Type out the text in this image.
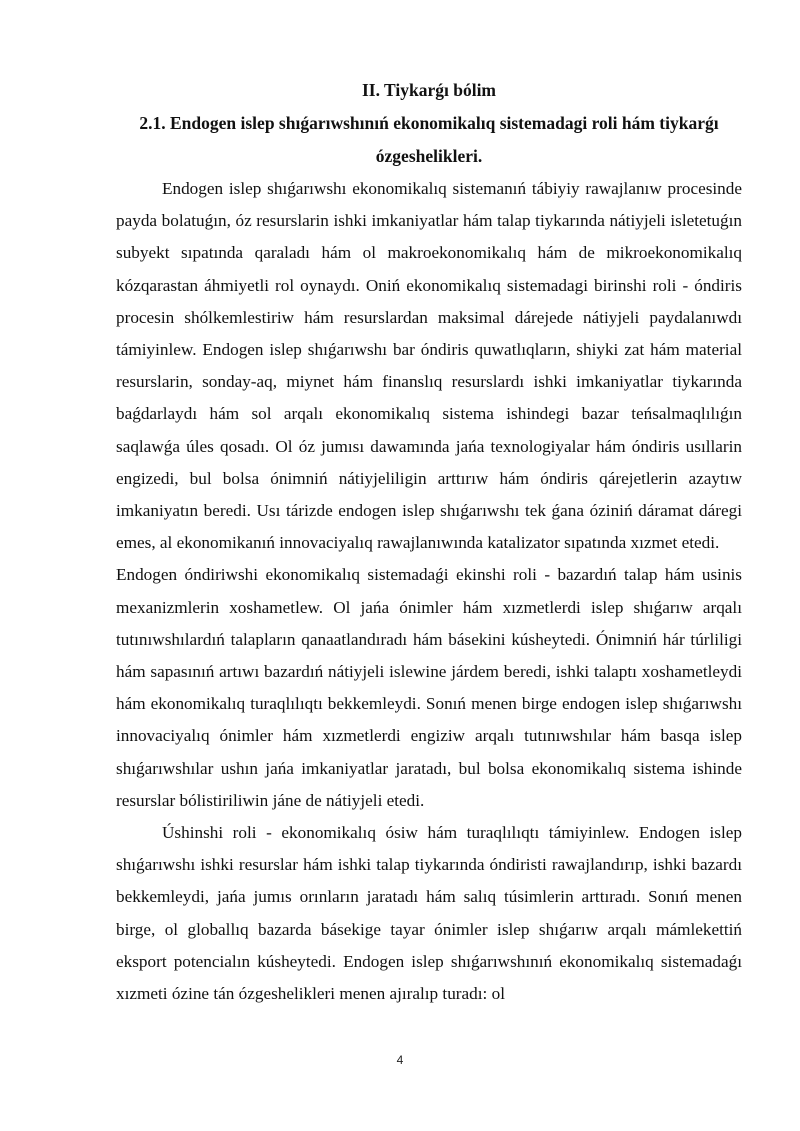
II. Tiykarǵı bólim

2.1. Endogen islep shıǵarıwshınıń ekonomikalıq sistemadagi roli hám tiykarǵı ózgeshelikleri.

Endogen islep shıǵarıwshı ekonomikalıq sistemanıń tábiyiy rawajlanıw procesinde payda bolatuǵın, óz resurslarin ishki imkaniyatlar hám talap tiykarında nátiyjeli isletetuǵın subyekt sıpatında qaraladı hám ol makroekonomikalıq hám de mikroekonomikalıq kózqarastan áhmiyetli rol oynaydı. Oniń ekonomikalıq sistemadagi birinshi roli - óndiris procesin shólkemlestiriw hám resurslardan maksimal dárejede nátiyjeli paydalanıwdı támiyinlew. Endogen islep shıǵarıwshı bar óndiris quwatlıqların, shiyki zat hám material resurslarin, sonday-aq, miynet hám finanslıq resurslardı ishki imkaniyatlar tiykarında baǵdarlaydı hám sol arqalı ekonomikalıq sistema ishindegi bazar teńsalmaqlılıǵın saqlawǵa úles qosadı. Ol óz jumısı dawamında jańa texnologiyalar hám óndiris usıllarin engizedi, bul bolsa ónimniń nátiyjeliligin arttırıw hám óndiris qárejetlerin azaytıw imkaniyatın beredi. Usı tárizde endogen islep shıǵarıwshı tek ǵana óziniń dáramat dáregi emes, al ekonomikanıń innovaciyalıq rawajlanıwında katalizator sıpatında xızmet etedi.

Endogen óndiriwshi ekonomikalıq sistemadaǵi ekinshi roli - bazardıń talap hám usinis mexanizmlerin xoshametlew. Ol jańa ónimler hám xızmetlerdi islep shıǵarıw arqalı tutınıwshılardıń talapların qanaatlandıradı hám básekini kúsheytedi. Ónimniń hár túrliligi hám sapasınıń artıwı bazardıń nátiyjeli islewine járdem beredi, ishki talaptı xoshametleydi hám ekonomikalıq turaqlılıqtı bekkemleydi. Sonıń menen birge endogen islep shıǵarıwshı innovaciyalıq ónimler hám xızmetlerdi engiziw arqalı tutınıwshılar hám basqa islep shıǵarıwshılar ushın jańa imkaniyatlar jaratadı, bul bolsa ekonomikalıq sistema ishinde resurslar bólistiriliwin jáne de nátiyjeli etedi.

Úshinshi roli - ekonomikalıq ósiw hám turaqlılıqtı támiyinlew. Endogen islep shıǵarıwshı ishki resurslar hám ishki talap tiykarında óndiristi rawajlandırıp, ishki bazardı bekkemleydi, jańa jumıs orınların jaratadı hám salıq túsimlerin arttıradı. Sonıń menen birge, ol globallıq bazarda básekige tayar ónimler islep shıǵarıw arqalı mámlekettiń eksport potencialın kúsheytedi. Endogen islep shıǵarıwshınıń ekonomikalıq sistemadaǵı xızmeti ózine tán ózgeshelikleri menen ajıralıp turadı: ol

4
